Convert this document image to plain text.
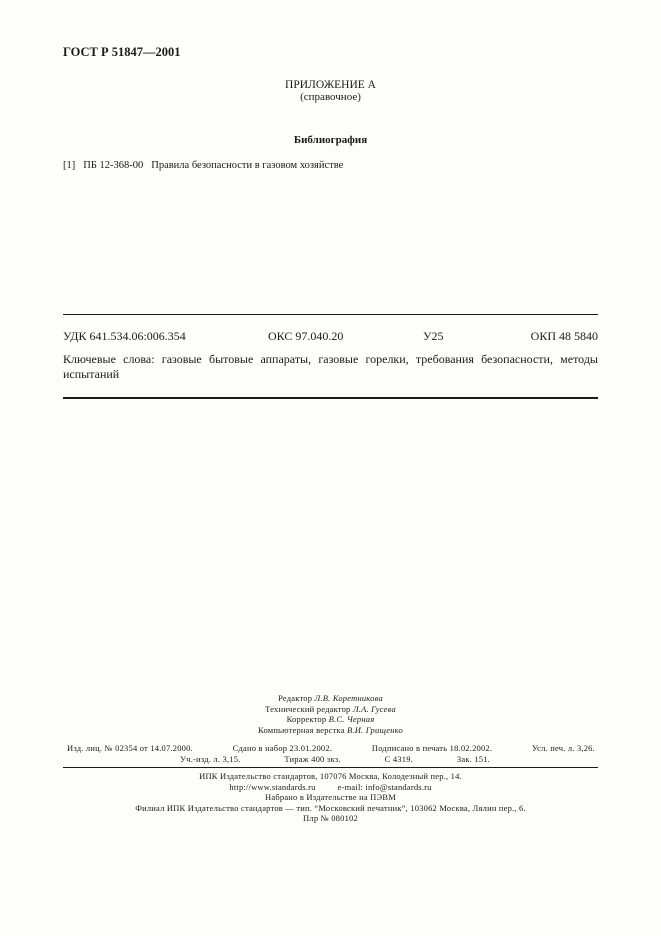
ГОСТ Р 51847—2001
ПРИЛОЖЕНИЕ А
(справочное)
Библиография
[1] ПБ 12-368-00 Правила безопасности в газовом хозяйстве
УДК 641.534.06:006.354	ОКС 97.040.20	У25	ОКП 48 5840
Ключевые слова: газовые бытовые аппараты, газовые горелки, требования безопасности, методы испытаний
Редактор Л.В. Коретникова
Технический редактор Л.А. Гусева
Корректор В.С. Черная
Компьютерная верстка В.И. Грищенко
Изд. лиц. № 02354 от 14.07.2000.	Сдано в набор 23.01.2002.	Подписано в печать 18.02.2002.	Усл. печ. л. 3,26.
Уч.-изд. л. 3,15.	Тираж 400 экз.	С 4319.	Зак. 151.
ИПК Издательство стандартов, 107076 Москва, Колодезный пер., 14.
http://www.standards.ru	e-mail: info@standards.ru
Набрано в Издательстве на ПЭВМ
Филиал ИПК Издательство стандартов — тип. “Московский печатник”, 103062 Москва, Лялин пер., 6.
Плр № 080102
